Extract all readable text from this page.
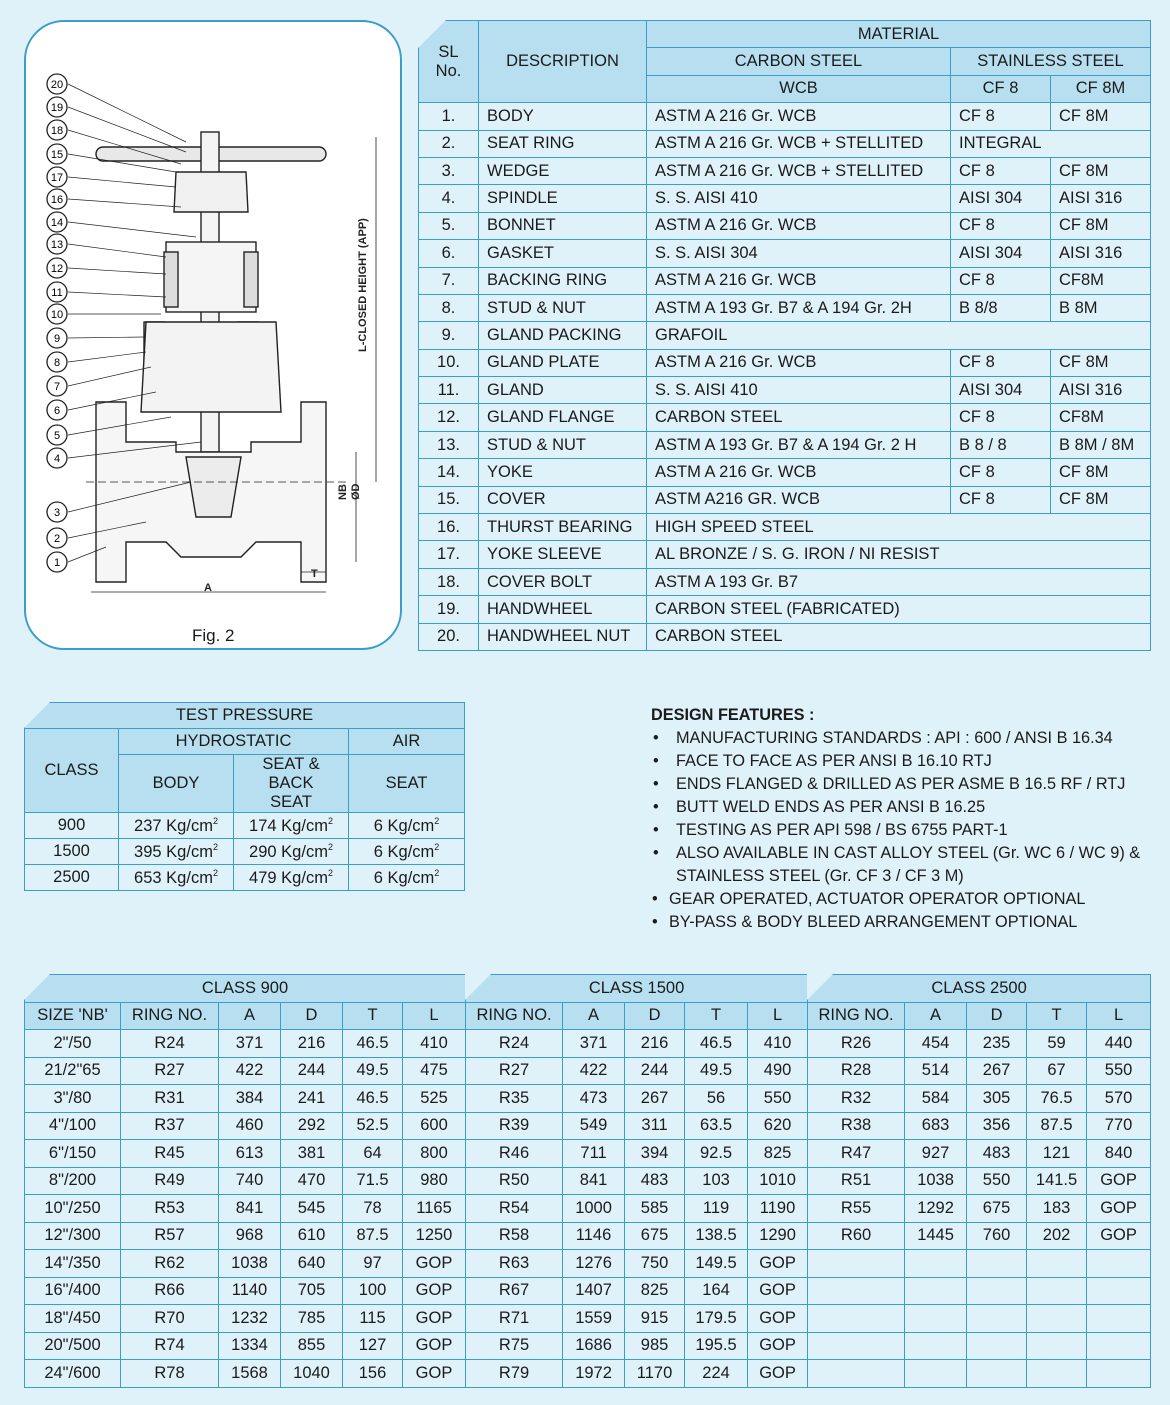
20
19
18
15
17
16
14
13
12
11
10
9
8
7
6
5
4
3
2
1
L-CLOSED HEIGHT (APP)
NB ØD
A
T
Fig. 2
SL No.	DESCRIPTION	MATERIAL		
		CARBON STEEL	STAINLESS STEEL	
		WCB	CF 8	CF 8M
1.	BODY	ASTM A 216 Gr. WCB	CF 8	CF 8M
2.	SEAT RING	ASTM A 216 Gr. WCB + STELLITED	INTEGRAL	
3.	WEDGE	ASTM A 216 Gr. WCB + STELLITED	CF 8	CF 8M
4.	SPINDLE	S. S. AISI 410	AISI 304	AISI 316
5.	BONNET	ASTM A 216 Gr. WCB	CF 8	CF 8M
6.	GASKET	S. S. AISI 304	AISI 304	AISI 316
7.	BACKING RING	ASTM A 216 Gr. WCB	CF 8	CF8M
8.	STUD & NUT	ASTM A 193 Gr. B7 & A 194 Gr. 2H	B 8/8	B 8M
9.	GLAND PACKING	GRAFOIL		
10.	GLAND PLATE	ASTM A 216 Gr. WCB	CF 8	CF 8M
11.	GLAND	S. S. AISI 410	AISI 304	AISI 316
12.	GLAND FLANGE	CARBON STEEL	CF 8	CF8M
13.	STUD & NUT	ASTM A 193 Gr. B7 & A 194 Gr. 2 H	B 8 / 8	B 8M / 8M
14.	YOKE	ASTM A 216 Gr. WCB	CF 8	CF 8M
15.	COVER	ASTM A216 GR. WCB	CF 8	CF 8M
16.	THURST BEARING	HIGH SPEED STEEL		
17.	YOKE SLEEVE	AL BRONZE / S. G. IRON / NI RESIST		
18.	COVER BOLT	ASTM A 193 Gr. B7		
19.	HANDWHEEL	CARBON STEEL (FABRICATED)		
20.	HANDWHEEL NUT	CARBON STEEL		
TEST PRESSURE			
CLASS	HYDROSTATIC		AIR
	BODY	SEAT & BACK SEAT	SEAT
900	237 $Kg/cm^2$	174 $Kg/cm^2$	6 $Kg/cm^2$
1500	395 $Kg/cm^2$	290 $Kg/cm^2$	6 $Kg/cm^2$
2500	653 $Kg/cm^2$	479 $Kg/cm^2$	6 $Kg/cm^2$
DESIGN FEATURES :
• MANUFACTURING STANDARDS : API : 600 / ANSI B 16.34
• FACE TO FACE AS PER ANSI B 16.10 RTJ
• ENDS FLANGED & DRILLED AS PER ASME B 16.5 RF / RTJ
• BUTT WELD ENDS AS PER ANSI B 16.25
• TESTING AS PER API 598 / BS 6755 PART-1
• ALSO AVAILABLE IN CAST ALLOY STEEL (Gr. WC 6 / WC 9) & STAINLESS STEEL (Gr. CF 3 / CF 3 M)
• GEAR OPERATED, ACTUATOR OPERATOR OPTIONAL
• BY-PASS & BODY BLEED ARRANGEMENT OPTIONAL
CLASS 900						CLASS 1500					CLASS 2500				
SIZE 'NB'	RING NO.	A	D	T	L	RING NO.	A	D	T	L	RING NO.	A	D	T	L
2"/50	R24	371	216	46.5	410	R24	371	216	46.5	410	R26	454	235	59	440
21/2"65	R27	422	244	49.5	475	R27	422	244	49.5	490	R28	514	267	67	550
3"/80	R31	384	241	46.5	525	R35	473	267	56	550	R32	584	305	76.5	570
4"/100	R37	460	292	52.5	600	R39	549	311	63.5	620	R38	683	356	87.5	770
6"/150	R45	613	381	64	800	R46	711	394	92.5	825	R47	927	483	121	840
8"/200	R49	740	470	71.5	980	R50	841	483	103	1010	R51	1038	550	141.5	GOP
10"/250	R53	841	545	78	1165	R54	1000	585	119	1190	R55	1292	675	183	GOP
12"/300	R57	968	610	87.5	1250	R58	1146	675	138.5	1290	R60	1445	760	202	GOP
14"/350	R62	1038	640	97	GOP	R63	1276	750	149.5	GOP					
16"/400	R66	1140	705	100	GOP	R67	1407	825	164	GOP					
18"/450	R70	1232	785	115	GOP	R71	1559	915	179.5	GOP					
20"/500	R74	1334	855	127	GOP	R75	1686	985	195.5	GOP					
24"/600	R78	1568	1040	156	GOP	R79	1972	1170	224	GOP					
